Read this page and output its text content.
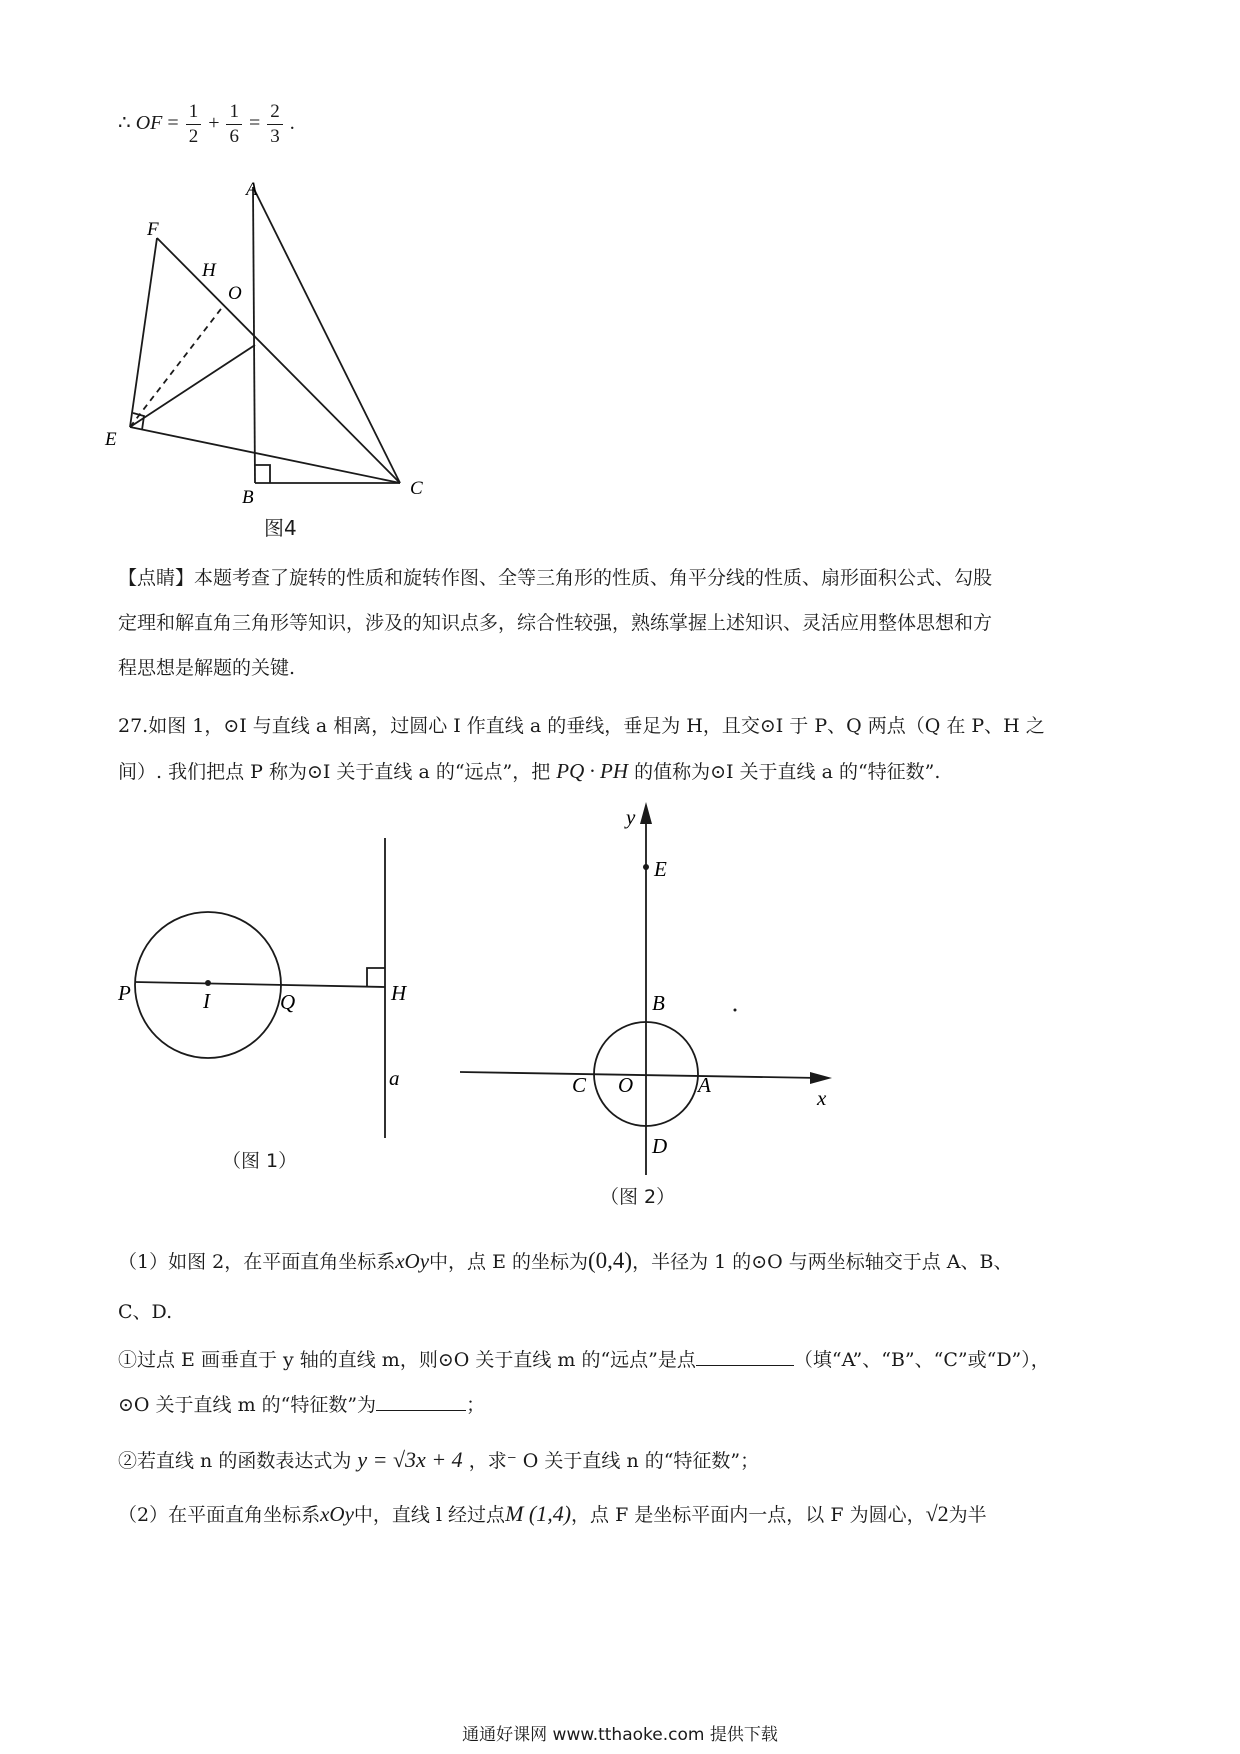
∴ OF = $\frac{1}{2} + \frac{1}{6} = \frac{2}{3}$ .
A
F
H
O
E
B	C
图4
【点睛】本题考查了旋转的性质和旋转作图、全等三角形的性质、角平分线的性质、扇形面积公式、勾股
定理和解直角三角形等知识，涉及的知识点多，综合性较强，熟练掌握上述知识、灵活应用整体思想和方
程思想是解题的关键.
27.如图 1，⊙I 与直线 a 相离，过圆心 I 作直线 a 的垂线，垂足为 H，且交⊙I 于 P、Q 两点（Q 在 P、H 之
间）. 我们把点 P 称为⊙I 关于直线 a 的“远点”，把 PQ · PH 的值称为⊙I 关于直线 a 的“特征数”.
P	I	Q	H
a
（图 1）
y
E
B
C O	A
D
x
（图 2）
（1）如图 2，在平面直角坐标系xOy中，点 E 的坐标为(0,4)，半径为 1 的⊙O 与两坐标轴交于点 A、B、
C、D.
①过点 E 画垂直于 y 轴的直线 m，则⊙O 关于直线 m 的“远点”是点	（填“A”、“B”、“C”或“D”），
⊙O 关于直线 m 的“特征数”为	；
②若直线 n 的函数表达式为 y = √3x + 4 ，求⁻ O 关于直线 n 的“特征数”；
（2）在平面直角坐标系xOy中，直线 l 经过点M (1,4)，点 F 是坐标平面内一点，以 F 为圆心，√2为半
通通好课网 www.tthaoke.com 提供下载
